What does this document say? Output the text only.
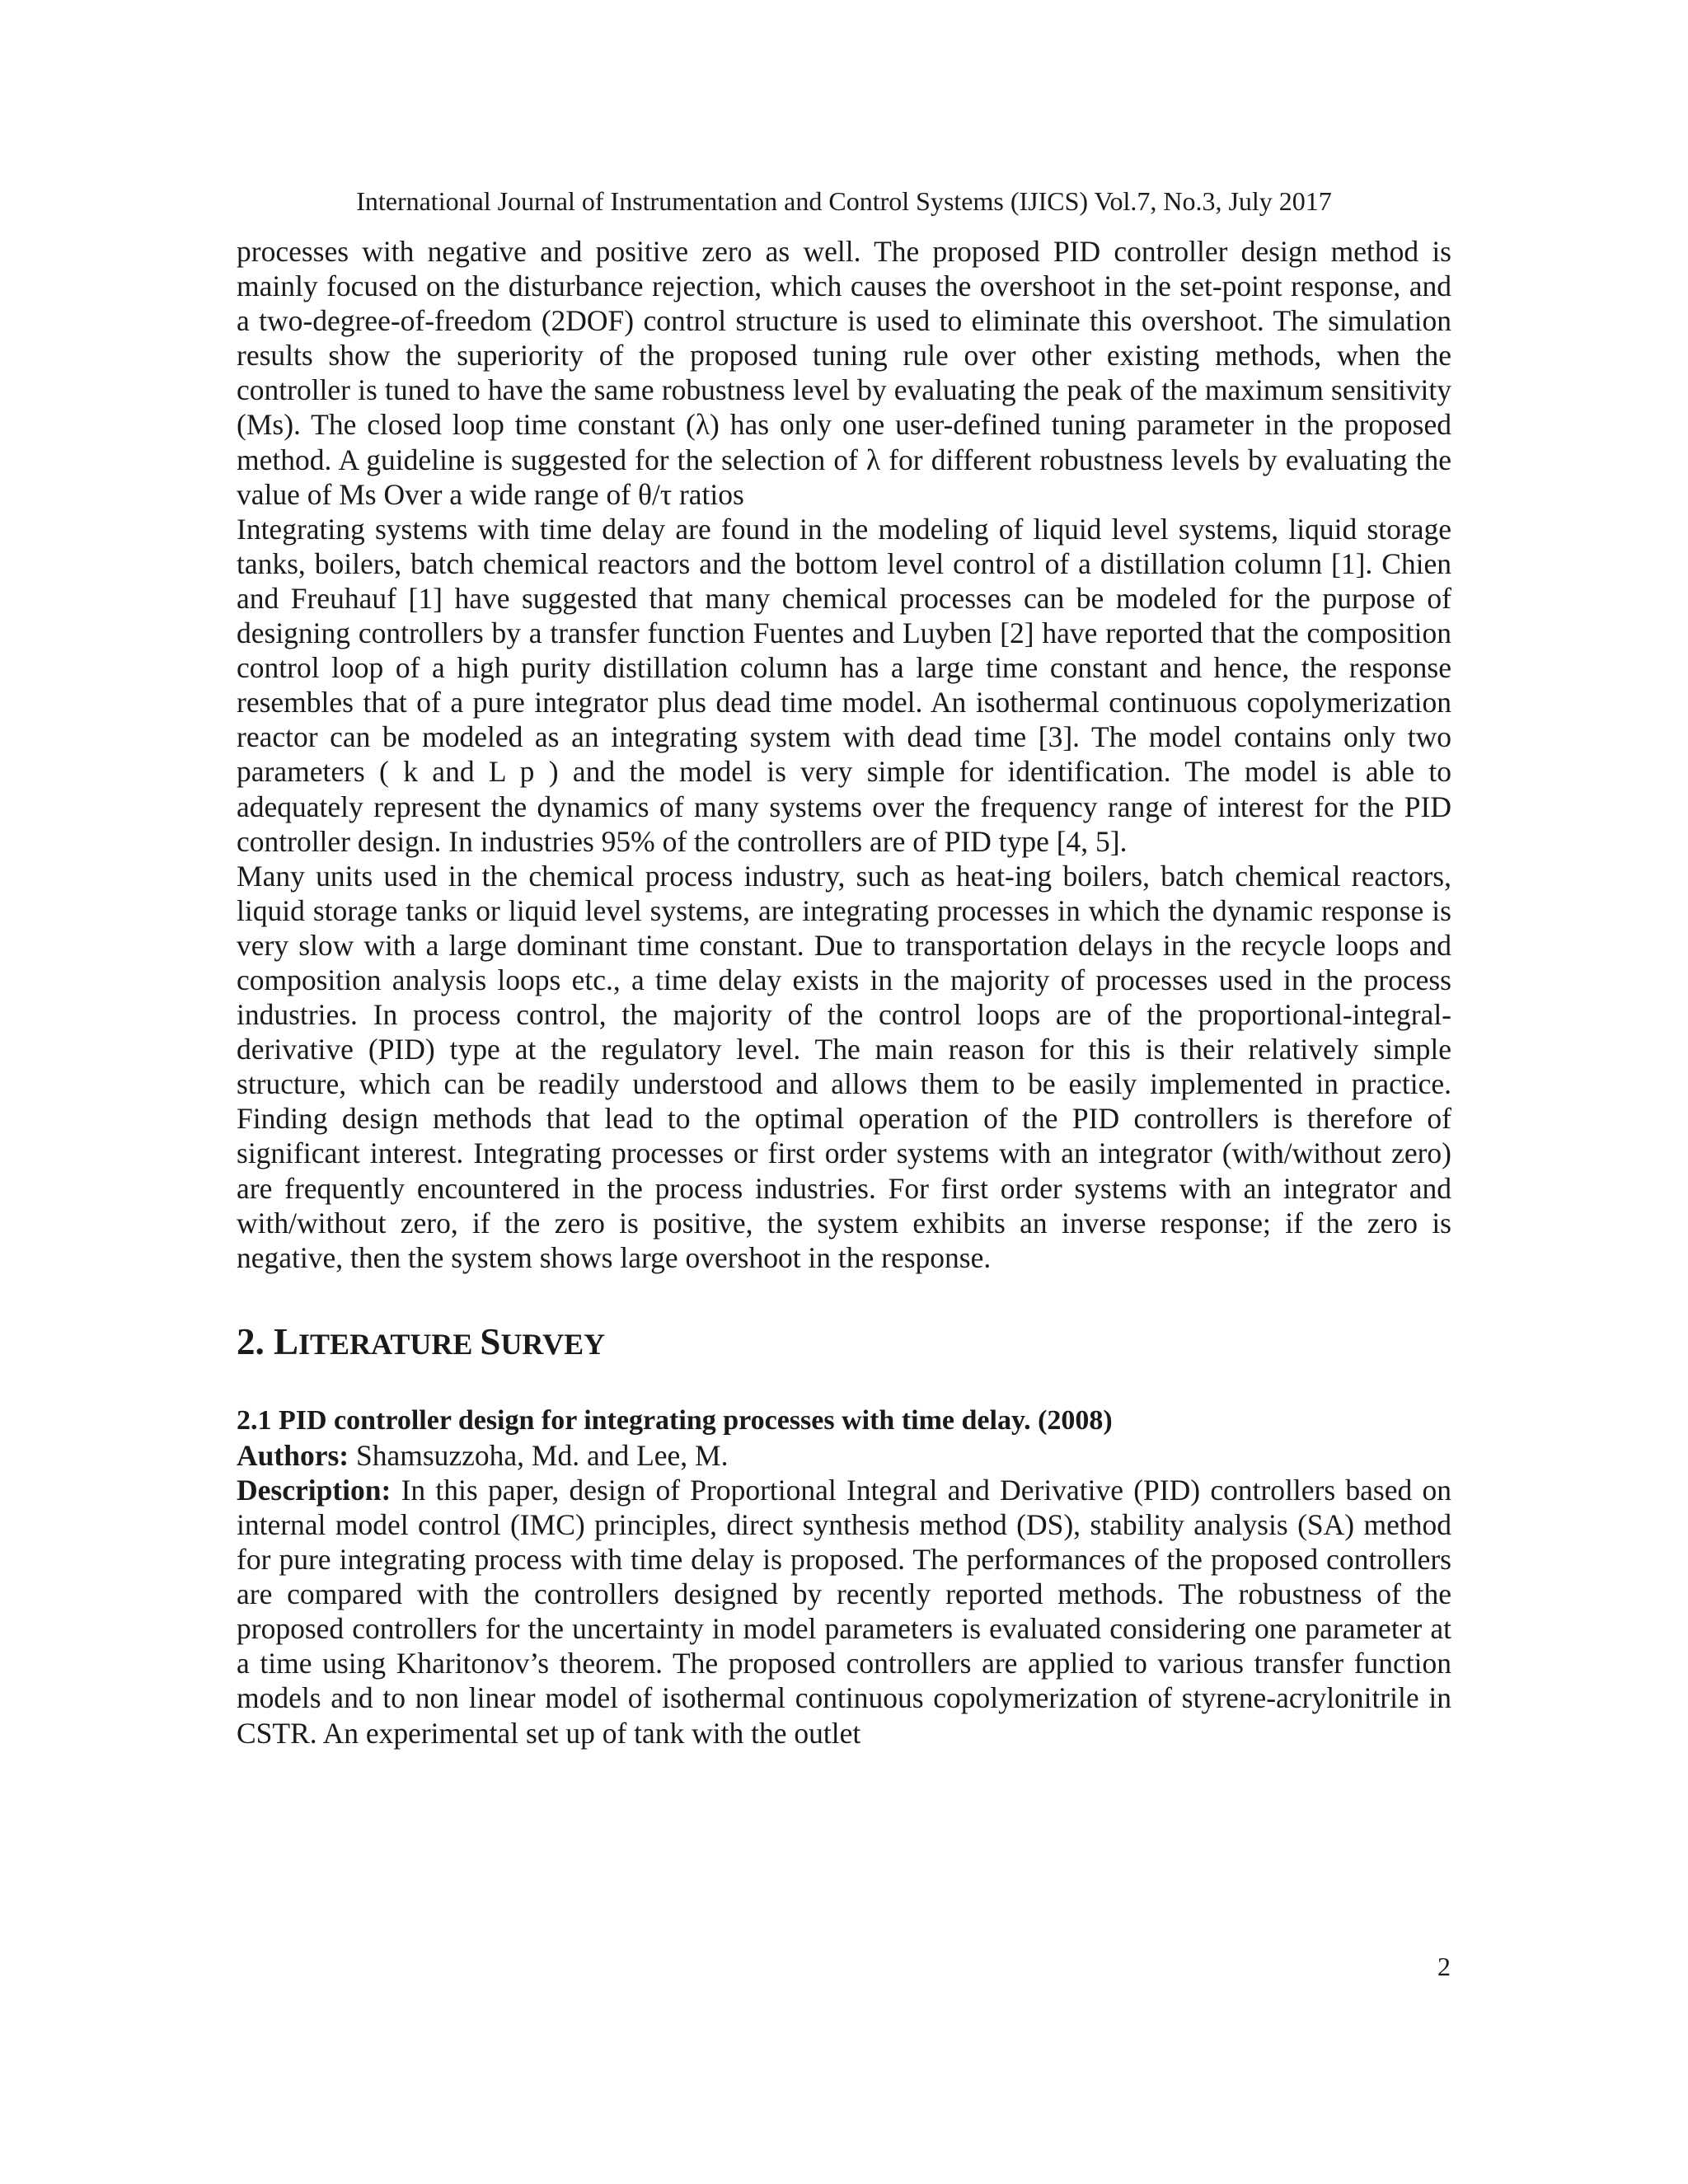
International Journal of Instrumentation and Control Systems (IJICS) Vol.7, No.3, July 2017

processes with negative and positive zero as well. The proposed PID controller design method is mainly focused on the disturbance rejection, which causes the overshoot in the set-point response, and a two-degree-of-freedom (2DOF) control structure is used to eliminate this overshoot. The simulation results show the superiority of the proposed tuning rule over other existing methods, when the controller is tuned to have the same robustness level by evaluating the peak of the maximum sensitivity (Ms). The closed loop time constant (λ) has only one user-defined tuning parameter in the proposed method. A guideline is suggested for the selection of λ for different robustness levels by evaluating the value of Ms Over a wide range of θ/τ ratios

Integrating systems with time delay are found in the modeling of liquid level systems, liquid storage tanks, boilers, batch chemical reactors and the bottom level control of a distillation column [1]. Chien and Freuhauf [1] have suggested that many chemical processes can be modeled for the purpose of designing controllers by a transfer function Fuentes and Luyben [2] have reported that the composition control loop of a high purity distillation column has a large time constant and hence, the response resembles that of a pure integrator plus dead time model. An isothermal continuous copolymerization reactor can be modeled as an integrating system with dead time [3]. The model contains only two parameters ( k and L p ) and the model is very simple for identification. The model is able to adequately represent the dynamics of many systems over the frequency range of interest for the PID controller design. In industries 95% of the controllers are of PID type [4, 5].

Many units used in the chemical process industry, such as heat-ing boilers, batch chemical reactors, liquid storage tanks or liquid level systems, are integrating processes in which the dynamic response is very slow with a large dominant time constant. Due to transportation delays in the recycle loops and composition analysis loops etc., a time delay exists in the majority of processes used in the process industries. In process control, the majority of the control loops are of the proportional-integral-derivative (PID) type at the regulatory level. The main reason for this is their relatively simple structure, which can be readily understood and allows them to be easily implemented in practice. Finding design methods that lead to the optimal operation of the PID controllers is therefore of significant interest. Integrating processes or first order systems with an integrator (with/without zero) are frequently encountered in the process industries. For first order systems with an integrator and with/without zero, if the zero is positive, the system exhibits an inverse response; if the zero is negative, then the system shows large overshoot in the response.

2. LITERATURE SURVEY
2.1 PID controller design for integrating processes with time delay. (2008)

Authors: Shamsuzzoha, Md. and Lee, M.

Description: In this paper, design of Proportional Integral and Derivative (PID) controllers based on internal model control (IMC) principles, direct synthesis method (DS), stability analysis (SA) method for pure integrating process with time delay is proposed. The performances of the proposed controllers are compared with the controllers designed by recently reported methods. The robustness of the proposed controllers for the uncertainty in model parameters is evaluated considering one parameter at a time using Kharitonov’s theorem. The proposed controllers are applied to various transfer function models and to non linear model of isothermal continuous copolymerization of styrene-acrylonitrile in CSTR. An experimental set up of tank with the outlet

2
